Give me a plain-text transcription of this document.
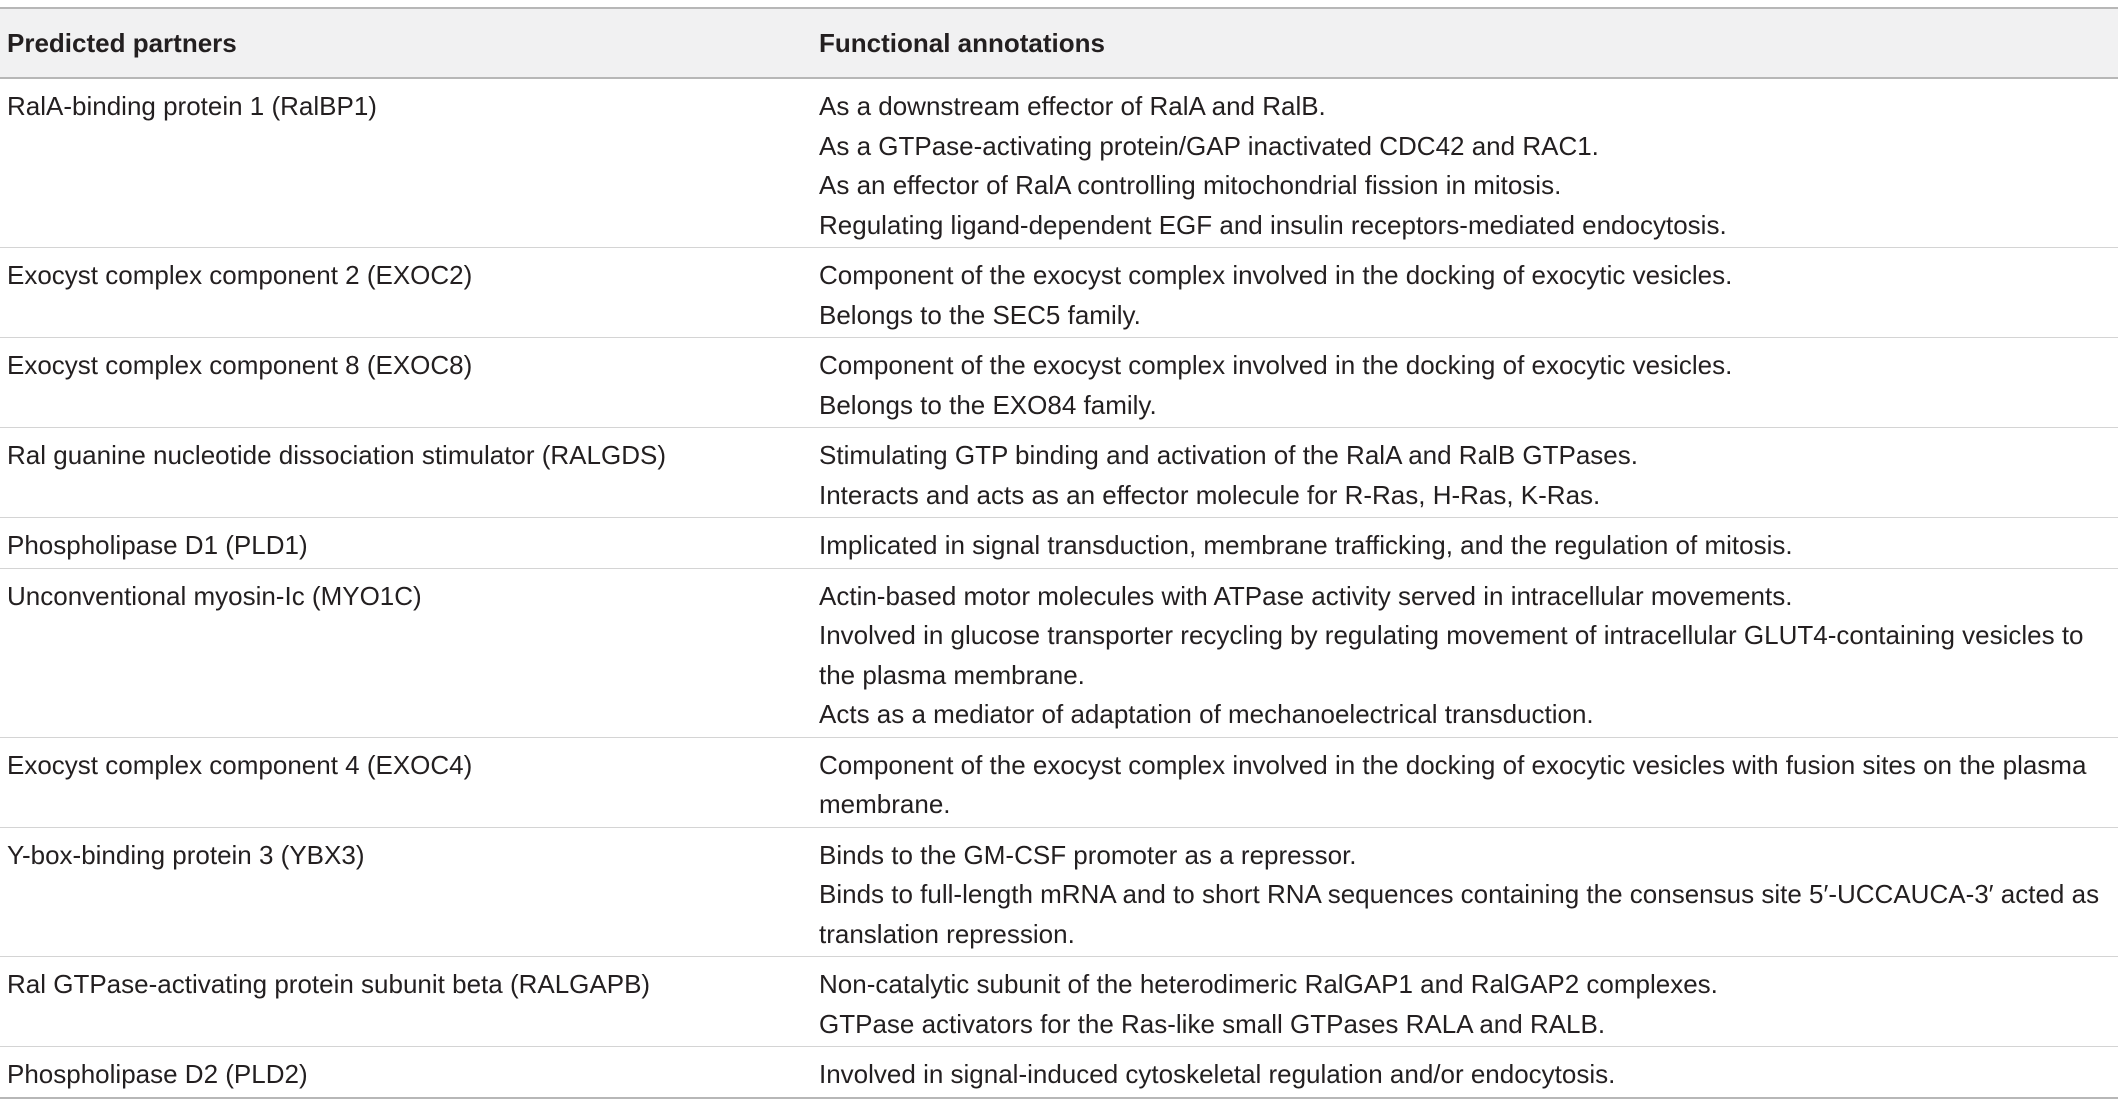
Predicted partners	Functional annotations
RalA-binding protein 1 (RalBP1)	As a downstream effector of RalA and RalB.
As a GTPase-activating protein/GAP inactivated CDC42 and RAC1.
As an effector of RalA controlling mitochondrial fission in mitosis.
Regulating ligand-dependent EGF and insulin receptors-mediated endocytosis.

Exocyst complex component 2 (EXOC2)	Component of the exocyst complex involved in the docking of exocytic vesicles.
Belongs to the SEC5 family.

Exocyst complex component 8 (EXOC8)	Component of the exocyst complex involved in the docking of exocytic vesicles.
Belongs to the EXO84 family.

Ral guanine nucleotide dissociation stimulator (RALGDS)	Stimulating GTP binding and activation of the RalA and RalB GTPases.
Interacts and acts as an effector molecule for R-Ras, H-Ras, K-Ras.

Phospholipase D1 (PLD1)	Implicated in signal transduction, membrane trafficking, and the regulation of mitosis.

Unconventional myosin-Ic (MYO1C)	Actin-based motor molecules with ATPase activity served in intracellular movements.
Involved in glucose transporter recycling by regulating movement of intracellular GLUT4-containing vesicles to the plasma membrane.
Acts as a mediator of adaptation of mechanoelectrical transduction.

Exocyst complex component 4 (EXOC4)	Component of the exocyst complex involved in the docking of exocytic vesicles with fusion sites on the plasma membrane.

Y-box-binding protein 3 (YBX3)	Binds to the GM-CSF promoter as a repressor.
Binds to full-length mRNA and to short RNA sequences containing the consensus site 5′-UCCAUCA-3′ acted as translation repression.

Ral GTPase-activating protein subunit beta (RALGAPB)	Non-catalytic subunit of the heterodimeric RalGAP1 and RalGAP2 complexes.
GTPase activators for the Ras-like small GTPases RALA and RALB.

Phospholipase D2 (PLD2)	Involved in signal-induced cytoskeletal regulation and/or endocytosis.
